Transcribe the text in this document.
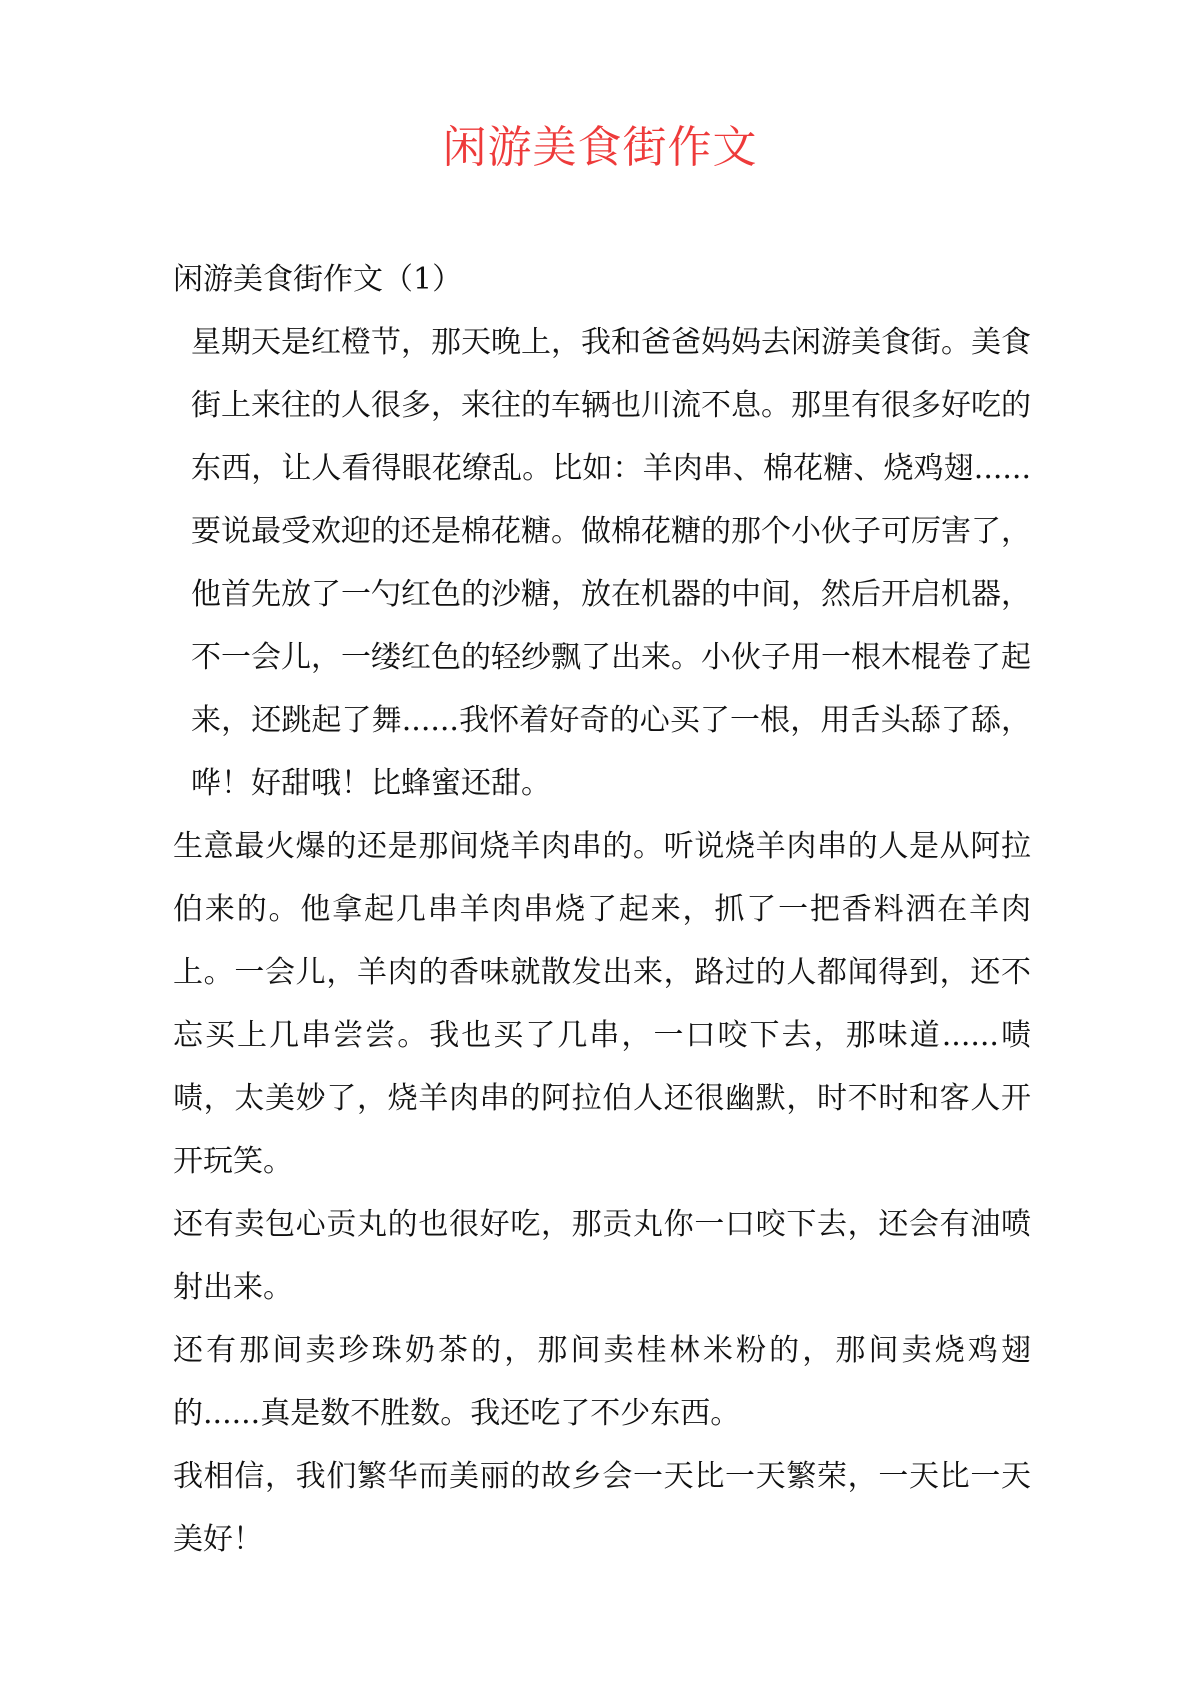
闲游美食街作文

闲游美食街作文（1）

星期天是红橙节，那天晚上，我和爸爸妈妈去闲游美食街。美食街上来往的人很多，来往的车辆也川流不息。那里有很多好吃的东西，让人看得眼花缭乱。比如：羊肉串、棉花糖、烧鸡翅......要说最受欢迎的还是棉花糖。做棉花糖的那个小伙子可厉害了，他首先放了一勺红色的沙糖，放在机器的中间，然后开启机器，不一会儿，一缕红色的轻纱飘了出来。小伙子用一根木棍卷了起来，还跳起了舞......我怀着好奇的心买了一根，用舌头舔了舔，哗！好甜哦！比蜂蜜还甜。

生意最火爆的还是那间烧羊肉串的。听说烧羊肉串的人是从阿拉伯来的。他拿起几串羊肉串烧了起来，抓了一把香料洒在羊肉上。一会儿，羊肉的香味就散发出来，路过的人都闻得到，还不忘买上几串尝尝。我也买了几串，一口咬下去，那味道......啧啧，太美妙了，烧羊肉串的阿拉伯人还很幽默，时不时和客人开开玩笑。

还有卖包心贡丸的也很好吃，那贡丸你一口咬下去，还会有油喷射出来。

还有那间卖珍珠奶茶的，那间卖桂林米粉的，那间卖烧鸡翅的......真是数不胜数。我还吃了不少东西。

我相信，我们繁华而美丽的故乡会一天比一天繁荣，一天比一天美好！
